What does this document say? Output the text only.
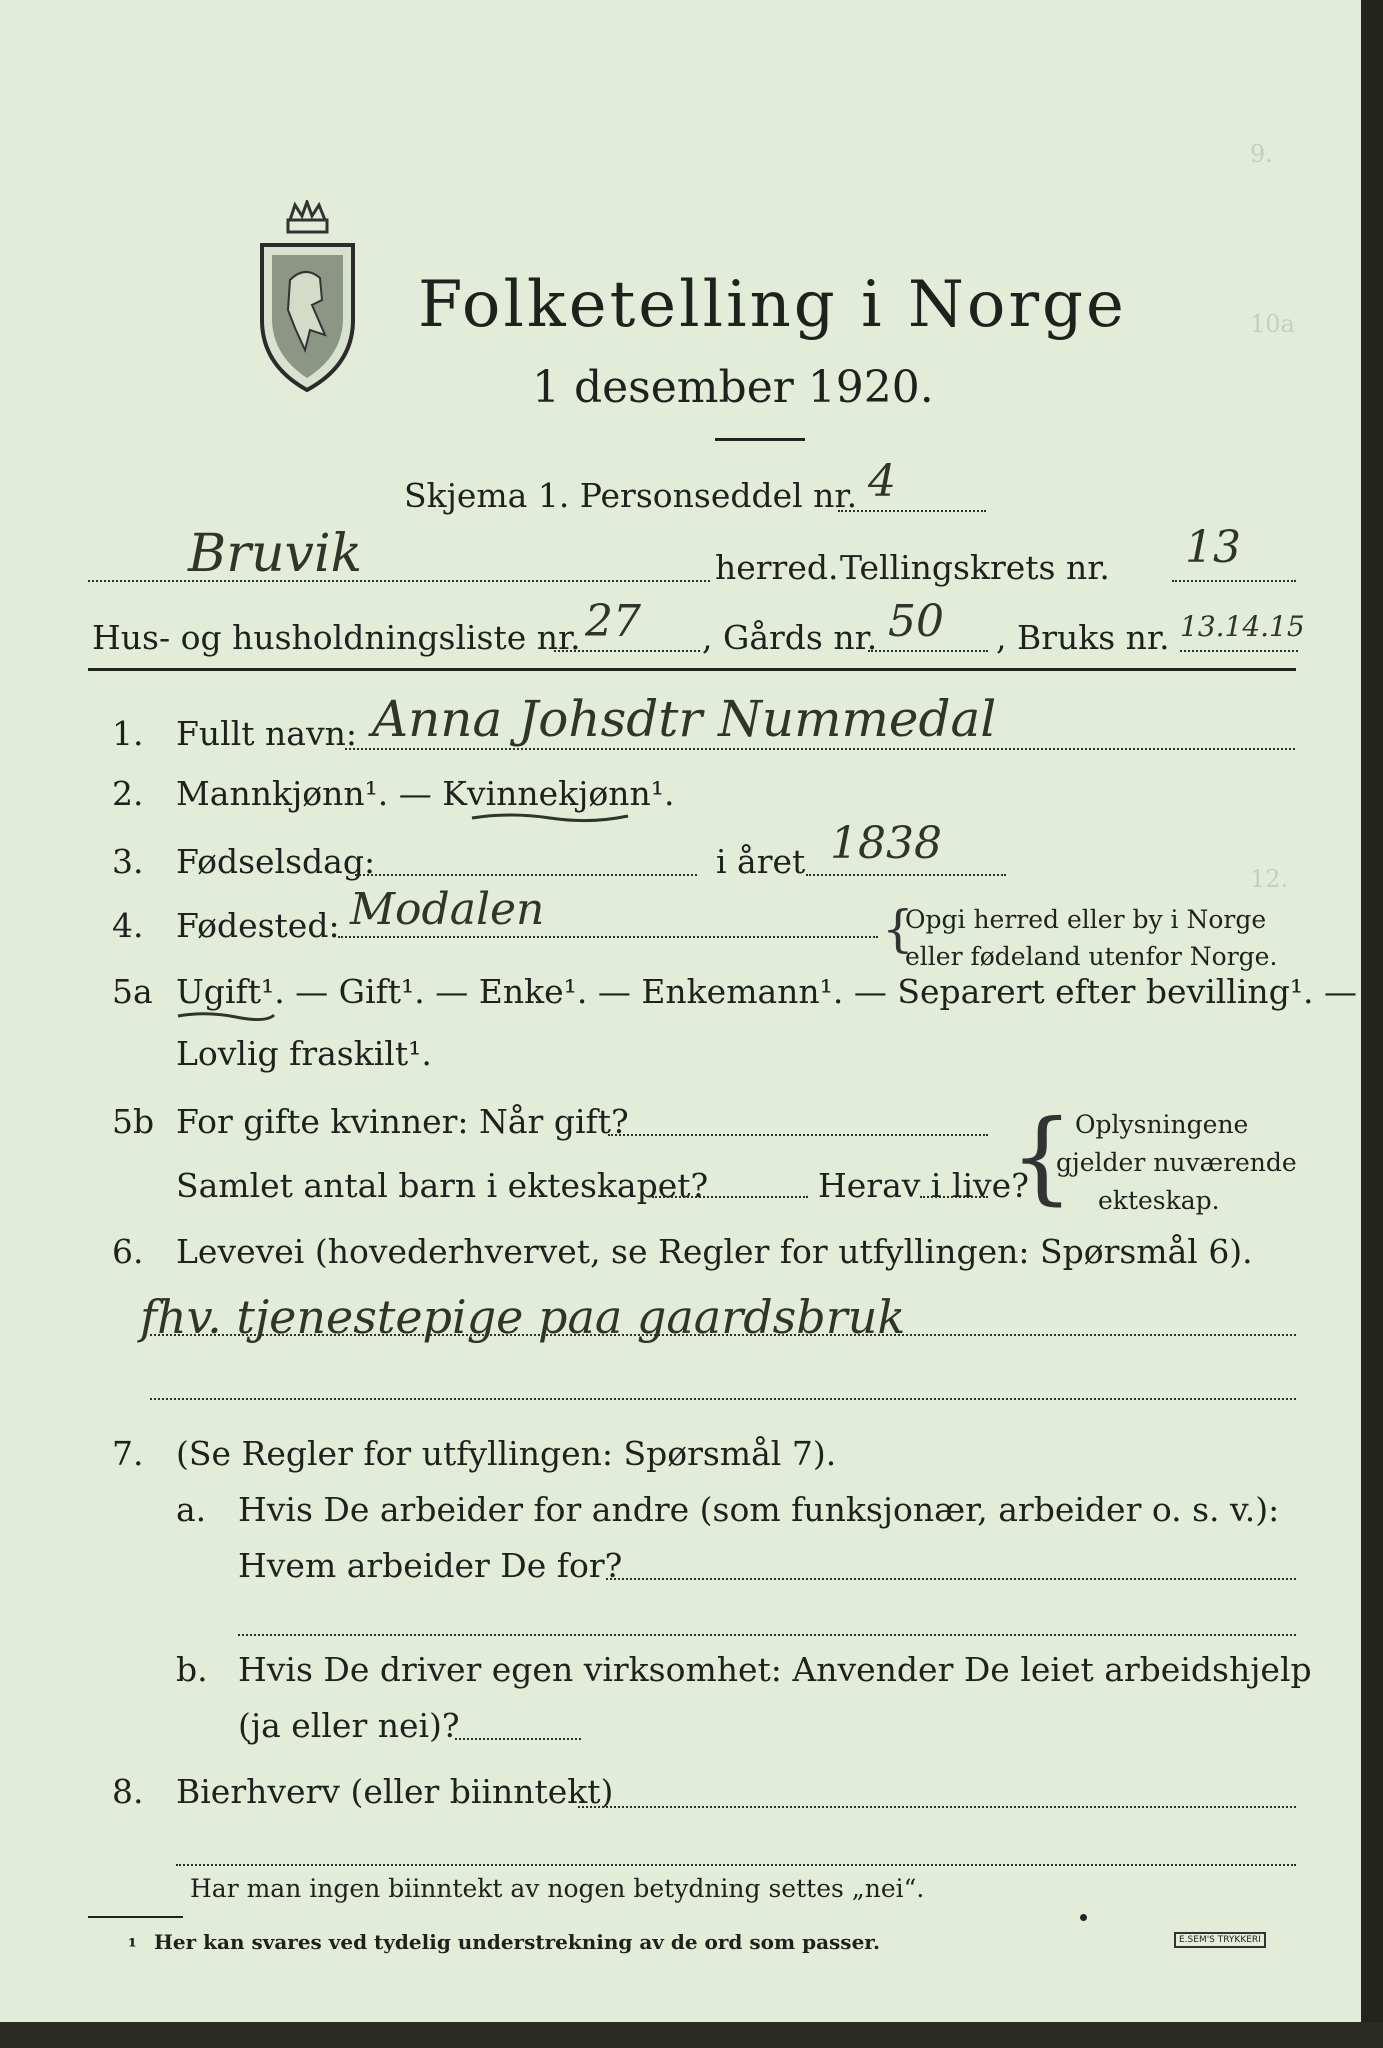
9.
10a
12.
Folketelling i Norge
1 desember 1920.
Skjema 1. Personseddel nr. 4
Bruvik	herred. Tellingskrets nr. 13
Hus- og husholdningsliste nr. 27 , Gårds nr. 50 , Bruks nr. 13.14.15
1. Fullt navn: Anna Johsdtr Nummedal
2. Mannkjønn¹. — Kvinnekjønn¹.
3. Fødselsdag:	i året 1838
4. Fødested: Modalen	{
Opgi herred eller by i Norge
eller fødeland utenfor Norge.
5a Ugift¹. — Gift¹. — Enke¹. — Enkemann¹. — Separert efter bevilling¹. —
Lovlig fraskilt¹.
5b For gifte kvinner: Når gift?
Samlet antal barn i ekteskapet?	Herav i live?
{ Oplysningene
gjelder nuværende
ekteskap.
6. Levevei (hovederhvervet, se Regler for utfyllingen: Spørsmål 6).
fhv. tjenestepige paa gaardsbruk
7. (Se Regler for utfyllingen: Spørsmål 7).
a. Hvis De arbeider for andre (som funksjonær, arbeider o. s. v.):
Hvem arbeider De for?
b. Hvis De driver egen virksomhet: Anvender De leiet arbeidshjelp
(ja eller nei)?
8. Bierhverv (eller biinntekt)
Har man ingen biinntekt av nogen betydning settes „nei“.
¹ Her kan svares ved tydelig understrekning av de ord som passer.	E.SEM'S TRYKKERI
